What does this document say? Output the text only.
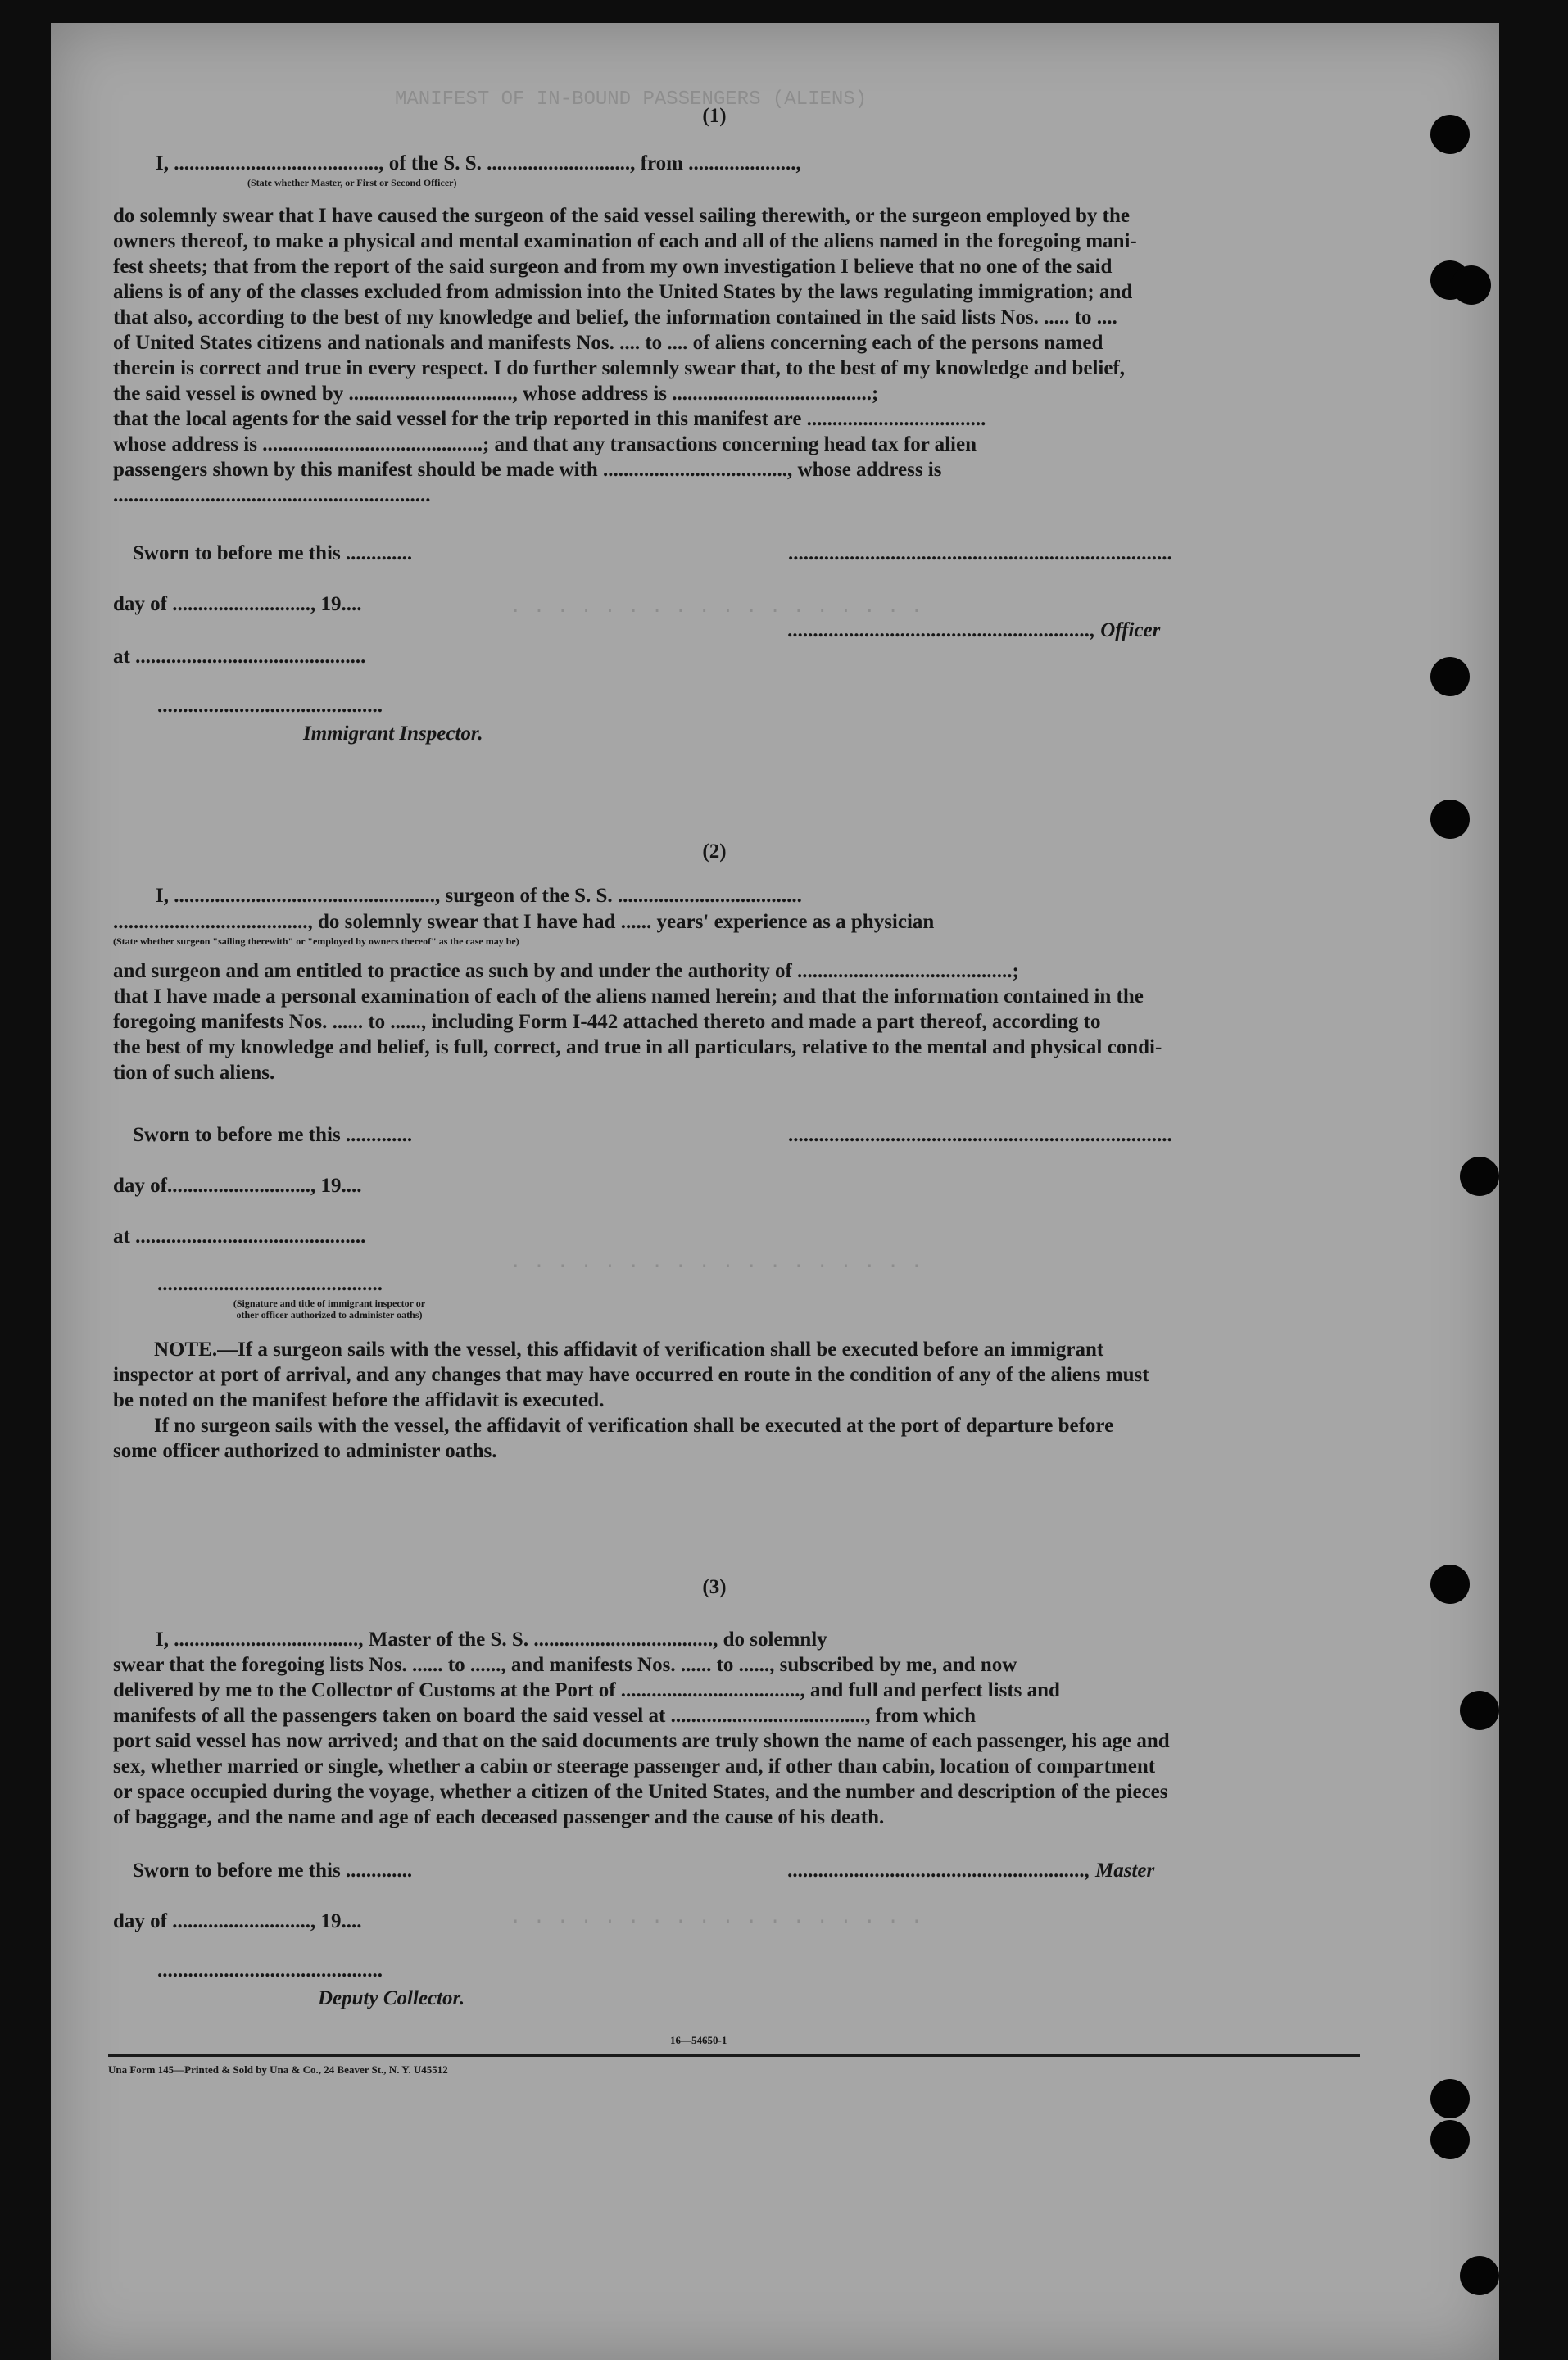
MANIFEST OF IN-BOUND PASSENGERS (ALIENS)
. . . . . . . . . . . . . . . . . .
. . . . . . . . . . . . . . . . . .
. . . . . . . . . . . . . . . . . .
(1)
I, ........................................, of the S. S. ............................, from .....................,
(State whether Master, or First or Second Officer)
do solemnly swear that I have caused the surgeon of the said vessel sailing therewith, or the surgeon employed by the
owners thereof, to make a physical and mental examination of each and all of the aliens named in the foregoing mani-
fest sheets; that from the report of the said surgeon and from my own investigation I believe that no one of the said
aliens is of any of the classes excluded from admission into the United States by the laws regulating immigration; and
that also, according to the best of my knowledge and belief, the information contained in the said lists Nos. ..... to ....
of United States citizens and nationals and manifests Nos. .... to .... of aliens concerning each of the persons named
therein is correct and true in every respect. I do further solemnly swear that, to the best of my knowledge and belief,
the said vessel is owned by ................................, whose address is .......................................;
that the local agents for the said vessel for the trip reported in this manifest are ...................................
whose address is ...........................................; and that any transactions concerning head tax for alien
passengers shown by this manifest should be made with ...................................., whose address is
..............................................................
Sworn to before me this .............	...........................................................................
day of ..........................., 19....
..........................................................., Officer
at .............................................
............................................
Immigrant Inspector.
(2)
I, ..................................................., surgeon of the S. S. ....................................
......................................, do solemnly swear that I have had ...... years' experience as a physician
(State whether surgeon "sailing therewith" or "employed by owners thereof" as the case may be)
and surgeon and am entitled to practice as such by and under the authority of ..........................................;
that I have made a personal examination of each of the aliens named herein; and that the information contained in the
foregoing manifests Nos. ...... to ......, including Form I-442 attached thereto and made a part thereof, according to
the best of my knowledge and belief, is full, correct, and true in all particulars, relative to the mental and physical condi-
tion of such aliens.
Sworn to before me this .............	...........................................................................
day of............................, 19....
at .............................................
............................................
(Signature and title of immigrant inspector or
other officer authorized to administer oaths)
NOTE.—If a surgeon sails with the vessel, this affidavit of verification shall be executed before an immigrant
inspector at port of arrival, and any changes that may have occurred en route in the condition of any of the aliens must
be noted on the manifest before the affidavit is executed.
If no surgeon sails with the vessel, the affidavit of verification shall be executed at the port of departure before
some officer authorized to administer oaths.
(3)
I, ...................................., Master of the S. S. ..................................., do solemnly
swear that the foregoing lists Nos. ...... to ......, and manifests Nos. ...... to ......, subscribed by me, and now
delivered by me to the Collector of Customs at the Port of ..................................., and full and perfect lists and
manifests of all the passengers taken on board the said vessel at ......................................, from which
port said vessel has now arrived; and that on the said documents are truly shown the name of each passenger, his age and
sex, whether married or single, whether a cabin or steerage passenger and, if other than cabin, location of compartment
or space occupied during the voyage, whether a citizen of the United States, and the number and description of the pieces
of baggage, and the name and age of each deceased passenger and the cause of his death.
Sworn to before me this .............	.........................................................., Master
day of ..........................., 19....
............................................
Deputy Collector.
16—54650-1
Una Form 145—Printed & Sold by Una & Co., 24 Beaver St., N. Y. U45512
